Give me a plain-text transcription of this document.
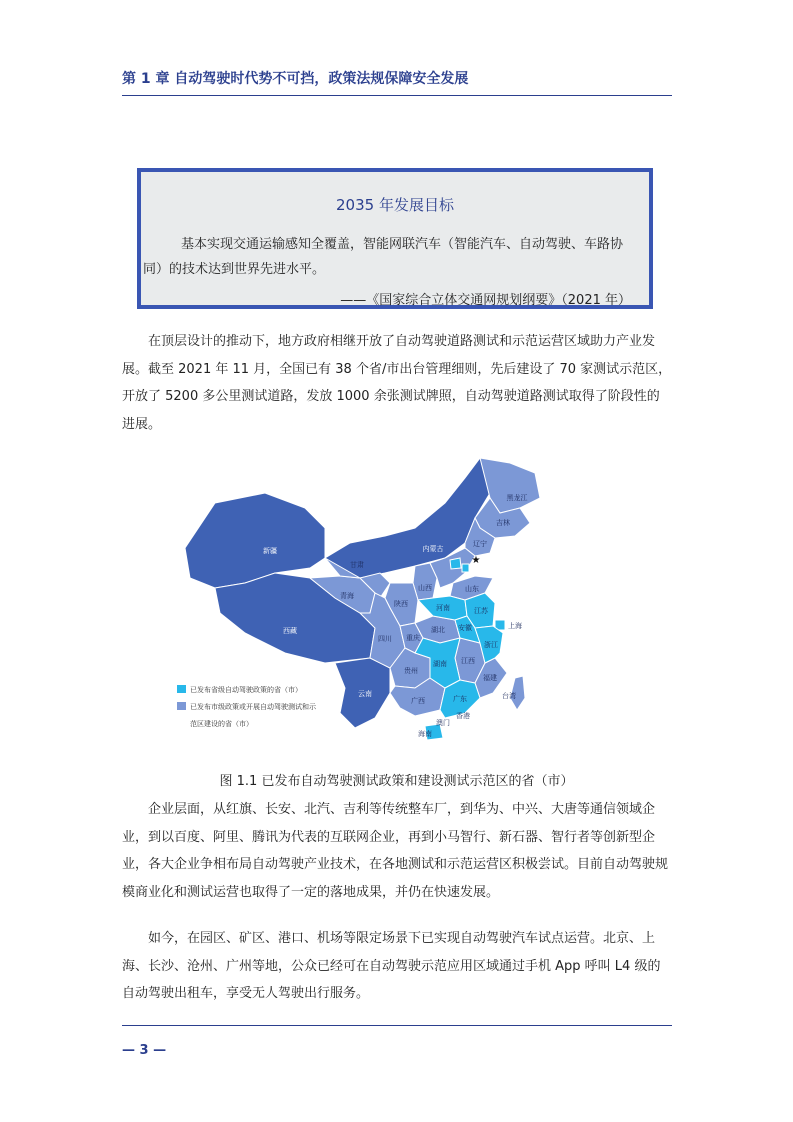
第 1 章 自动驾驶时代势不可挡，政策法规保障安全发展
2035 年发展目标
基本实现交通运输感知全覆盖，智能网联汽车（智能汽车、自动驾驶、车路协同）的技术达到世界先进水平。
——《国家综合立体交通网规划纲要》（2021 年）

在顶层设计的推动下，地方政府相继开放了自动驾驶道路测试和示范运营区域助力产业发展。截至 2021 年 11 月，全国已有 38 个省/市出台管理细则，先后建设了 70 家测试示范区，开放了 5200 多公里测试道路，发放 1000 余张测试牌照，自动驾驶道路测试取得了阶段性的进展。

★
新疆
西藏
青海
甘肃
内蒙古
黑龙江
吉林
辽宁
山西	山东
河南
陕西
四川 重庆
湖北 安徽
江苏
上海
浙江
湖南 江西
贵州
云南
广西	广东
福建
台湾
香港
澳门
海南
已发布省级自动驾驶政策的省（市）
已发布市级政策或开展自动驾驶测试和示
范区建设的省（市）
图 1.1 已发布自动驾驶测试政策和建设测试示范区的省（市）

企业层面，从红旗、长安、北汽、吉利等传统整车厂，到华为、中兴、大唐等通信领域企业，到以百度、阿里、腾讯为代表的互联网企业，再到小马智行、新石器、智行者等创新型企业，各大企业争相布局自动驾驶产业技术，在各地测试和示范运营区积极尝试。目前自动驾驶规模商业化和测试运营也取得了一定的落地成果，并仍在快速发展。

如今，在园区、矿区、港口、机场等限定场景下已实现自动驾驶汽车试点运营。北京、上海、长沙、沧州、广州等地，公众已经可在自动驾驶示范应用区域通过手机 App 呼叫 L4 级的自动驾驶出租车，享受无人驾驶出行服务。

— 3 —
